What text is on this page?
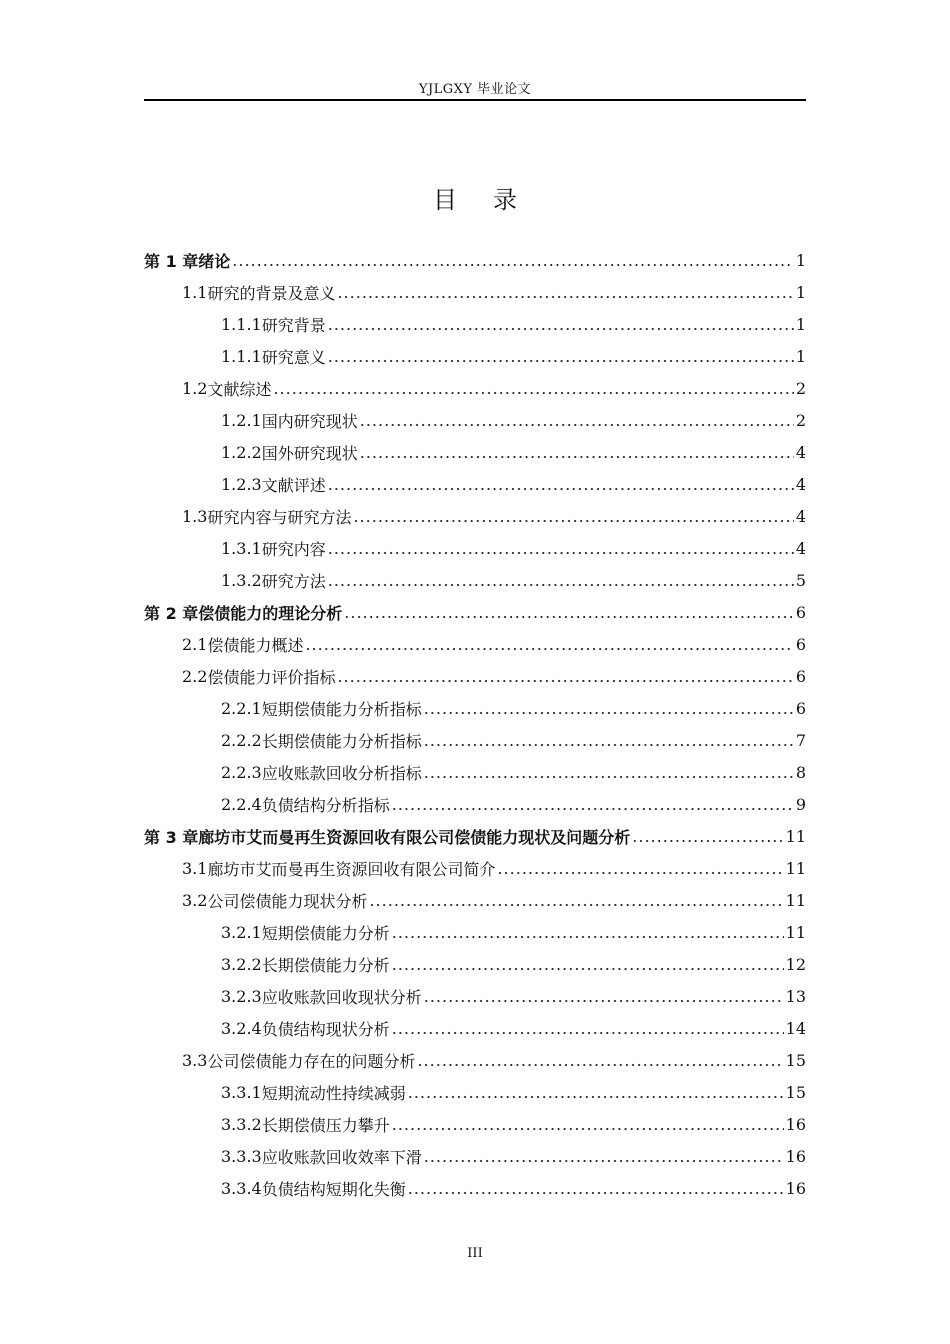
YJLGXY 毕业论文
目录
第 1 章 绪论 .....	1
1.1 研究的背景及意义 .....	1
1.1.1 研究背景 .....	1
1.1.1 研究意义 .....	1
1.2 文献综述 .....	2
1.2.1 国内研究现状 .....	2
1.2.2 国外研究现状 .....	4
1.2.3 文献评述 .....	4
1.3 研究内容与研究方法 .....	4
1.3.1 研究内容 .....	4
1.3.2 研究方法 .....	5
第 2 章 偿债能力的理论分析 .....	6
2.1 偿债能力概述 .....	6
2.2 偿债能力评价指标 .....	6
2.2.1 短期偿债能力分析指标 .....	6
2.2.2 长期偿债能力分析指标 .....	7
2.2.3 应收账款回收分析指标 .....	8
2.2.4 负债结构分析指标 .....	9
第 3 章 廊坊市艾而曼再生资源回收有限公司偿债能力现状及问题分析 .....	11
3.1 廊坊市艾而曼再生资源回收有限公司简介 .....	11
3.2 公司偿债能力现状分析 .....	11
3.2.1 短期偿债能力分析 .....	11
3.2.2 长期偿债能力分析 .....	12
3.2.3 应收账款回收现状分析 .....	13
3.2.4 负债结构现状分析 .....	14
3.3 公司偿债能力存在的问题分析 .....	15
3.3.1 短期流动性持续减弱 .....	15
3.3.2 长期偿债压力攀升 .....	16
3.3.3 应收账款回收效率下滑 .....	16
3.3.4 负债结构短期化失衡 .....	16
III
